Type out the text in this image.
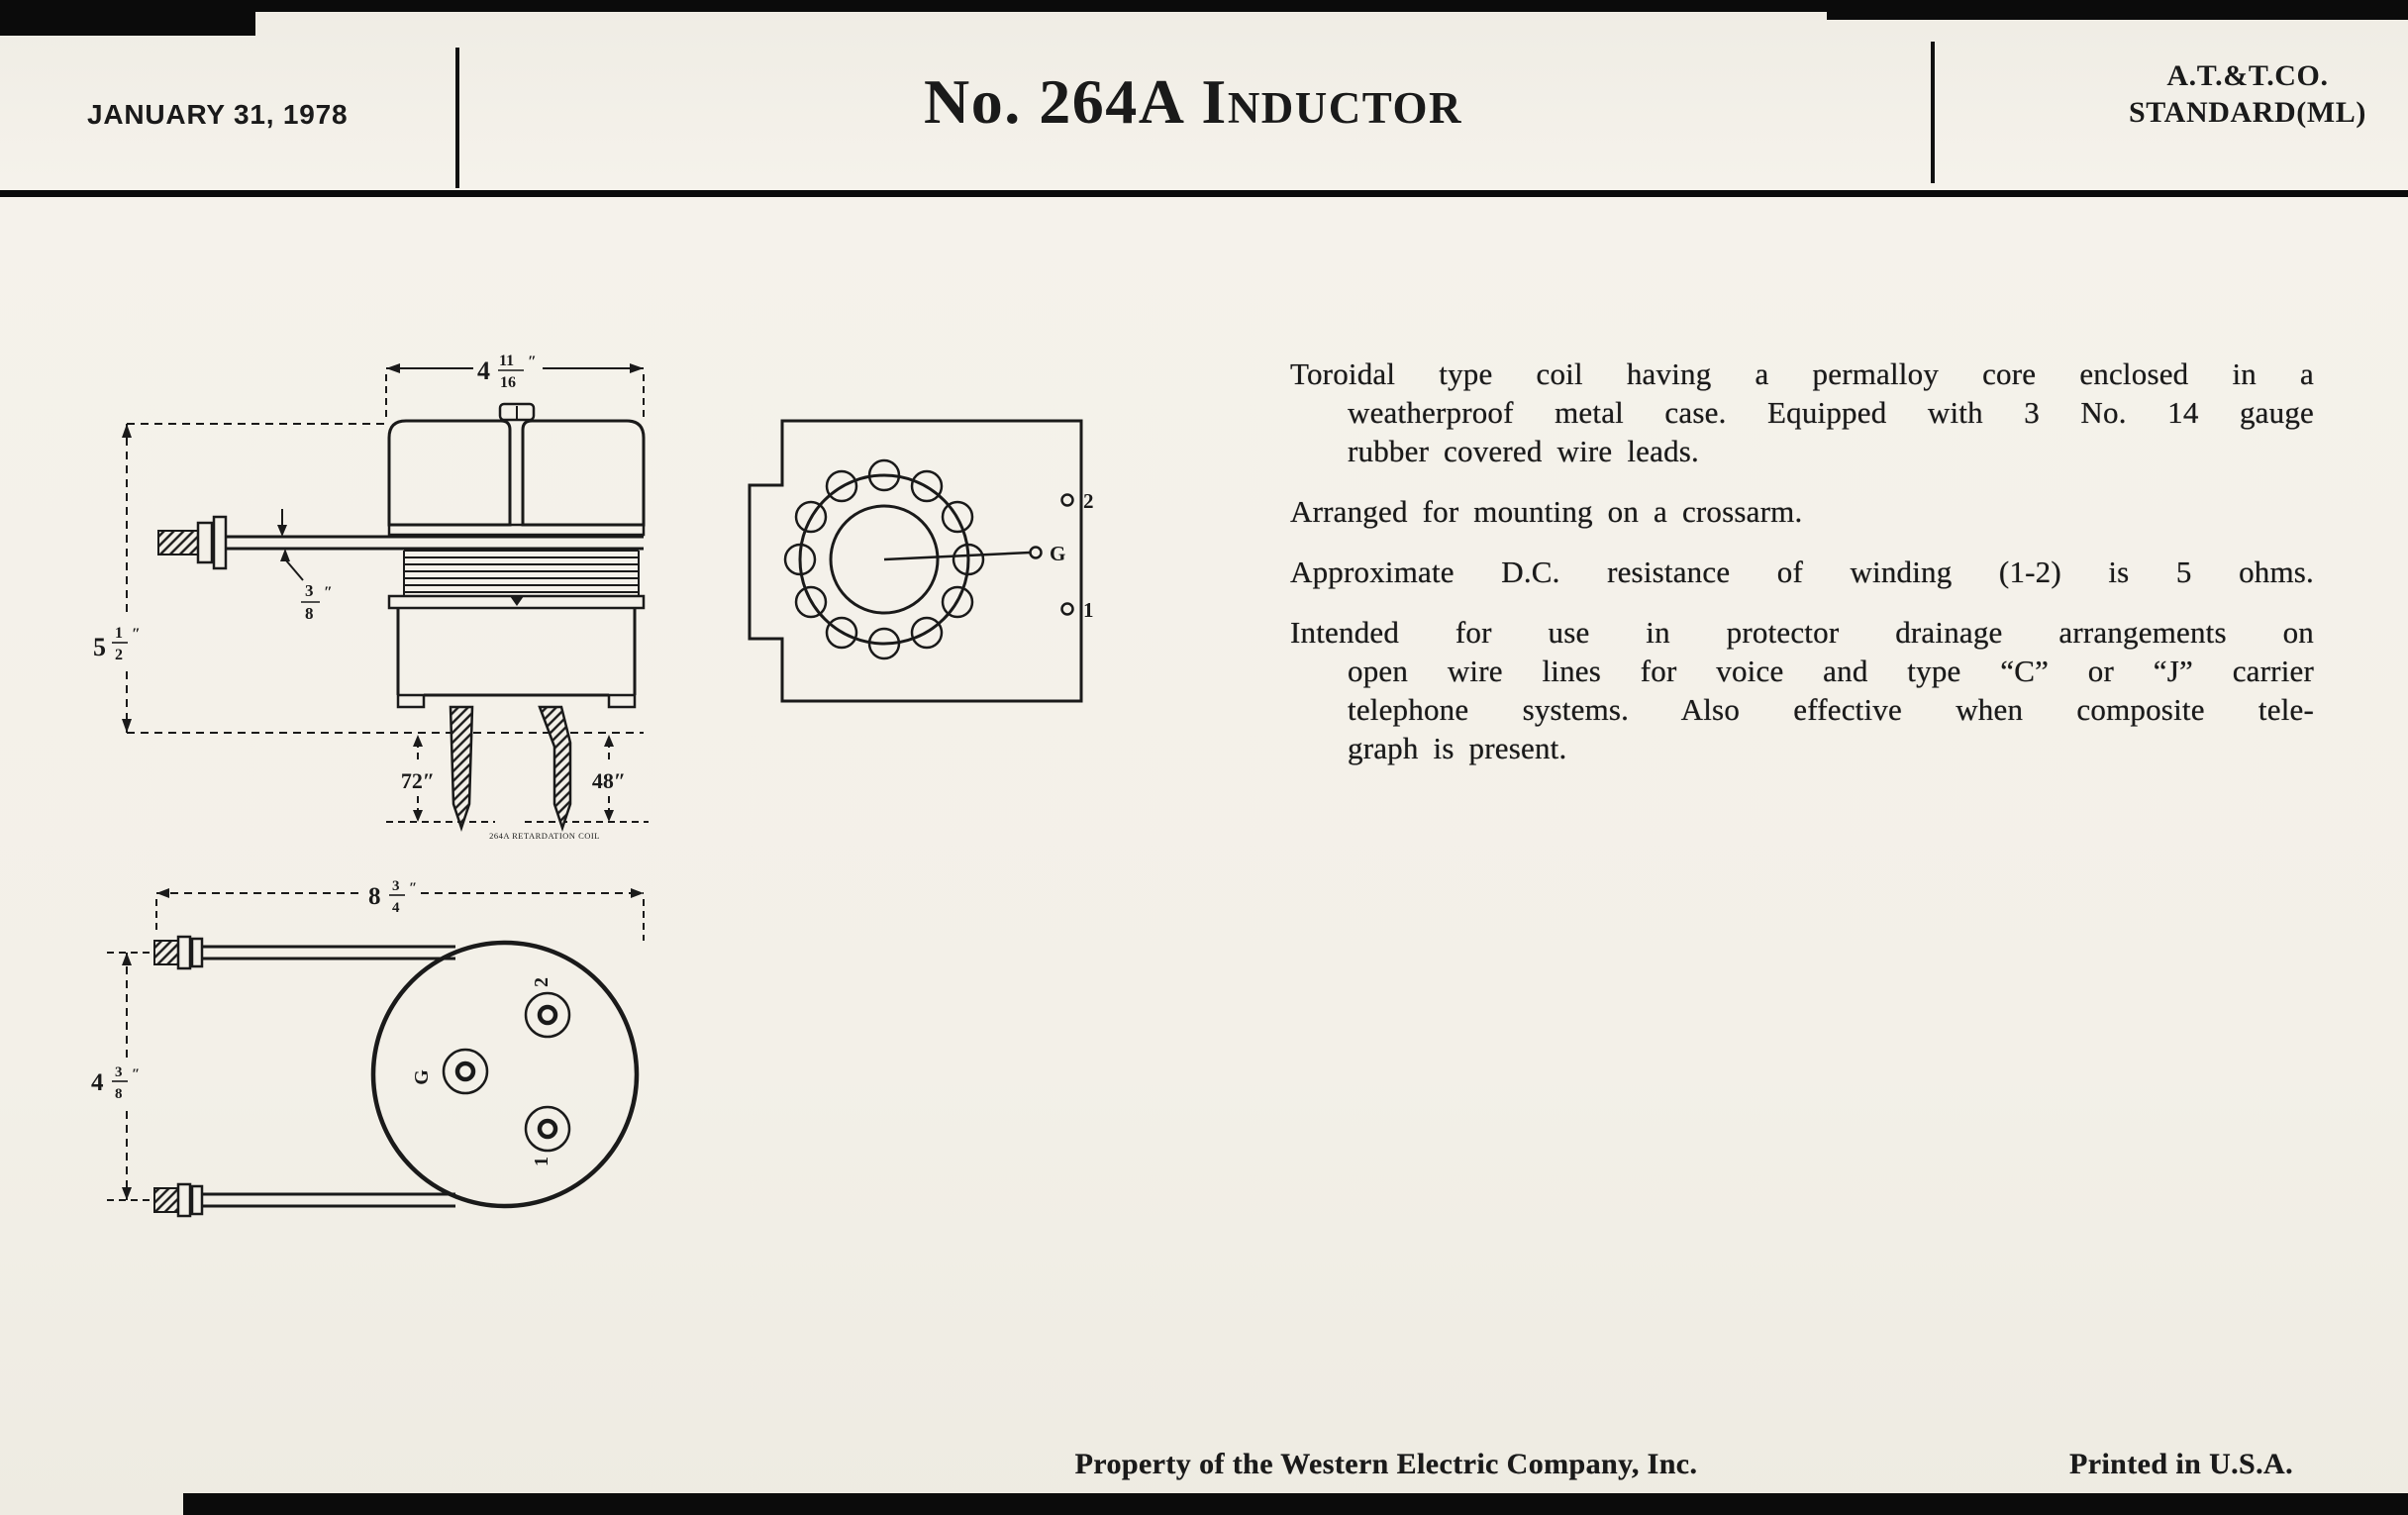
JANUARY 31, 1978	No. 264A Inductor	A.T.&T.CO.
STANDARD(ML)
4 11
16
″
5 1
2
″
3
8
″
72″	48″
264A RETARDATION COIL
2
G
1
8 3
4
″
4 3
8
″
2
G
1
Toroidal type coil having a permalloy core enclosed in a
weatherproof metal case. Equipped with 3 No. 14 gauge
rubber covered wire leads.
Arranged for mounting on a crossarm.
Approximate D.C. resistance of winding (1-2) is 5 ohms.
Intended for use in protector drainage arrangements on
open wire lines for voice and type “C” or “J” carrier
telephone systems. Also effective when composite tele-
graph is present.
Property of the Western Electric Company, Inc.	Printed in U.S.A.
